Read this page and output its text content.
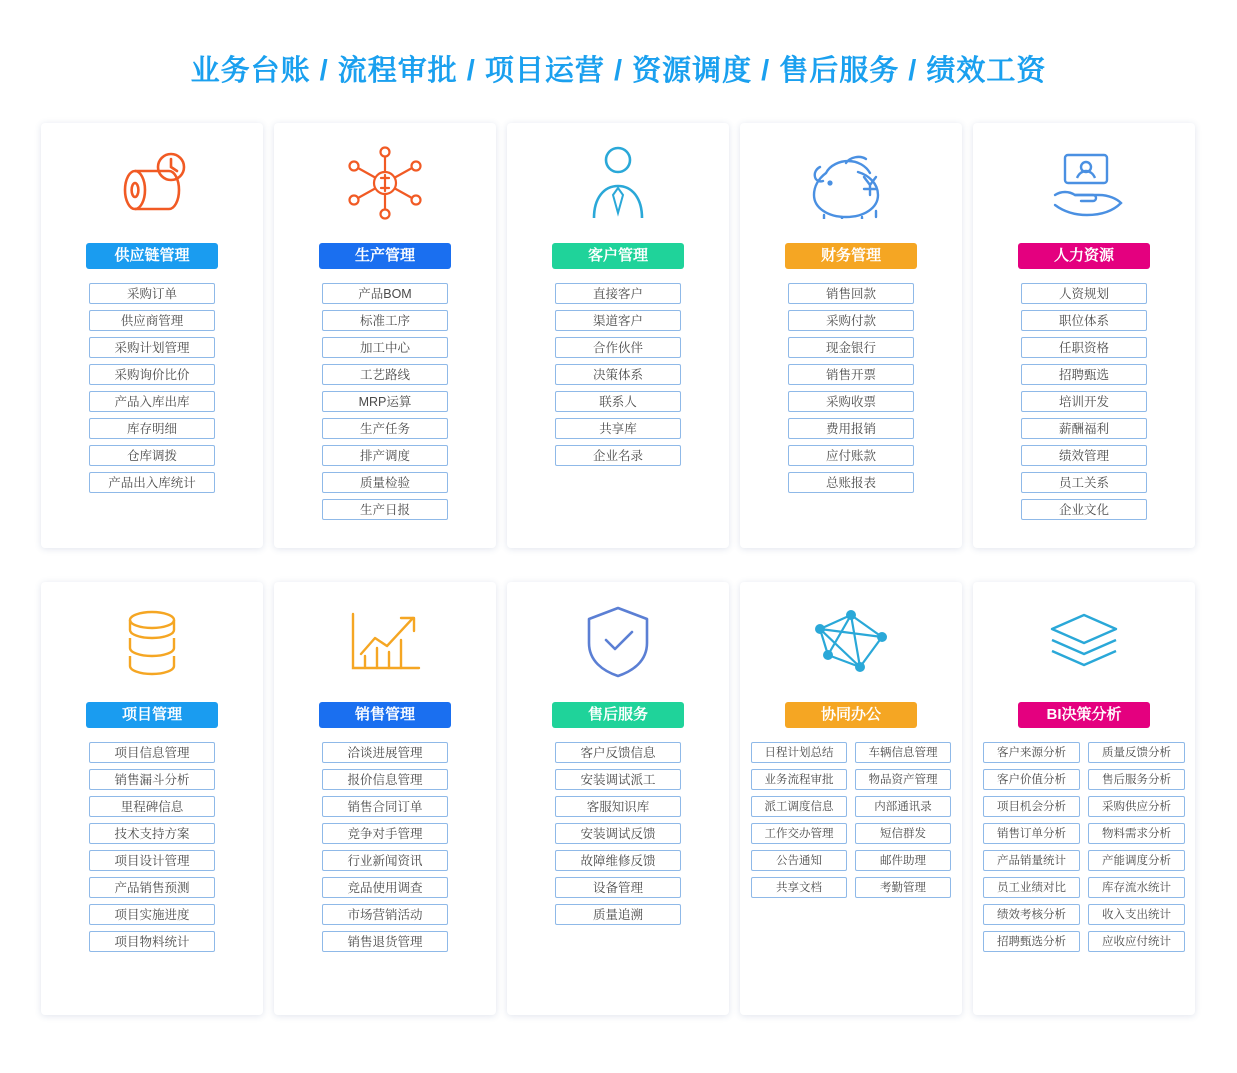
业务台账 / 流程审批 / 项目运营 / 资源调度 / 售后服务 / 绩效工资
供应链管理
采购订单
供应商管理
采购计划管理
采购询价比价
产品入库出库
库存明细
仓库调拨
产品出入库统计
生产管理
产品BOM
标准工序
加工中心
工艺路线
MRP运算
生产任务
排产调度
质量检验
生产日报
客户管理
直接客户
渠道客户
合作伙伴
决策体系
联系人
共享库
企业名录
财务管理
销售回款
采购付款
现金银行
销售开票
采购收票
费用报销
应付账款
总账报表
人力资源
人资规划
职位体系
任职资格
招聘甄选
培训开发
薪酬福利
绩效管理
员工关系
企业文化
项目管理
项目信息管理
销售漏斗分析
里程碑信息
技术支持方案
项目设计管理
产品销售预测
项目实施进度
项目物料统计
销售管理
洽谈进展管理
报价信息管理
销售合同订单
竞争对手管理
行业新闻资讯
竞品使用调查
市场营销活动
销售退货管理
售后服务
客户反馈信息
安装调试派工
客服知识库
安装调试反馈
故障维修反馈
设备管理
质量追溯
协同办公
日程计划总结	车辆信息管理
业务流程审批	物品资产管理
派工调度信息	内部通讯录
工作交办管理	短信群发
公告通知	邮件助理
共享文档	考勤管理
BI决策分析
客户来源分析	质量反馈分析
客户价值分析	售后服务分析
项目机会分析	采购供应分析
销售订单分析	物料需求分析
产品销量统计	产能调度分析
员工业绩对比	库存流水统计
绩效考核分析	收入支出统计
招聘甄选分析	应收应付统计
